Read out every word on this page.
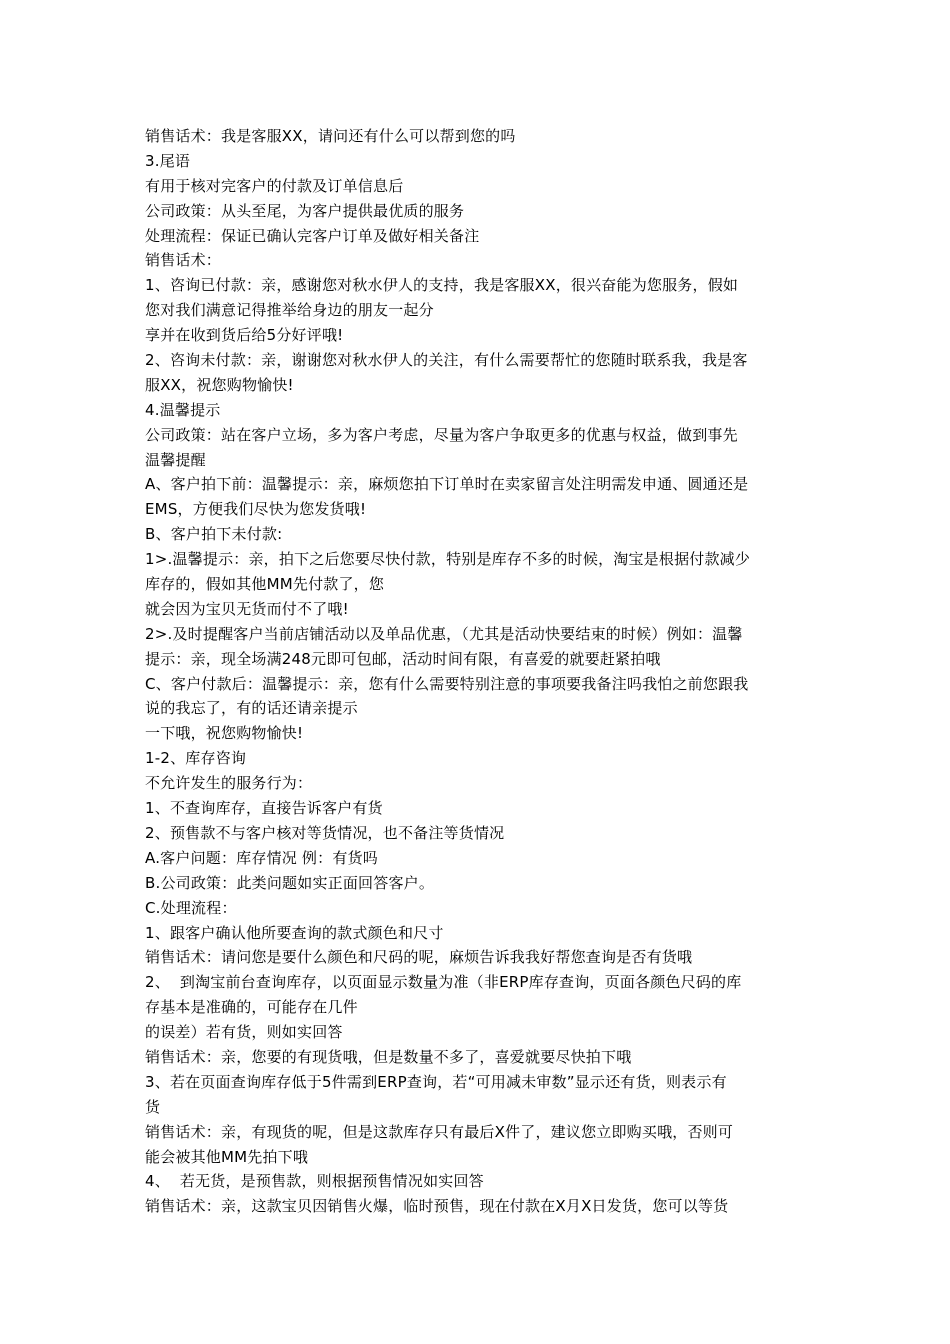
销售话术：我是客服XX，请问还有什么可以帮到您的吗
3.尾语
有用于核对完客户的付款及订单信息后
公司政策：从头至尾，为客户提供最优质的服务
处理流程：保证已确认完客户订单及做好相关备注
销售话术：
1、咨询已付款：亲，感谢您对秋水伊人的支持，我是客服XX，很兴奋能为您服务，假如
您对我们满意记得推举给身边的朋友一起分
享并在收到货后给5分好评哦!
2、咨询未付款：亲，谢谢您对秋水伊人的关注，有什么需要帮忙的您随时联系我，我是客
服XX，祝您购物愉快!
4.温馨提示
公司政策：站在客户立场，多为客户考虑，尽量为客户争取更多的优惠与权益，做到事先
温馨提醒
A、客户拍下前：温馨提示：亲，麻烦您拍下订单时在卖家留言处注明需发申通、圆通还是
EMS，方便我们尽快为您发货哦!
B、客户拍下未付款:
1>.温馨提示：亲，拍下之后您要尽快付款，特别是库存不多的时候，淘宝是根据付款减少
库存的，假如其他MM先付款了，您
就会因为宝贝无货而付不了哦!
2>.及时提醒客户当前店铺活动以及单品优惠，（尤其是活动快要结束的时候）例如：温馨
提示：亲，现全场满248元即可包邮，活动时间有限，有喜爱的就要赶紧拍哦
C、客户付款后：温馨提示：亲，您有什么需要特别注意的事项要我备注吗我怕之前您跟我
说的我忘了，有的话还请亲提示
一下哦，祝您购物愉快!
1-2、库存咨询
不允许发生的服务行为：
1、不查询库存，直接告诉客户有货
2、预售款不与客户核对等货情况，也不备注等货情况
A.客户问题：库存情况 例：有货吗
B.公司政策：此类问题如实正面回答客户。
C.处理流程：
1、跟客户确认他所要查询的款式颜色和尺寸
销售话术：请问您是要什么颜色和尺码的呢，麻烦告诉我我好帮您查询是否有货哦
2、  到淘宝前台查询库存，以页面显示数量为准（非ERP库存查询，页面各颜色尺码的库
存基本是准确的，可能存在几件
的误差）若有货，则如实回答
销售话术：亲，您要的有现货哦，但是数量不多了，喜爱就要尽快拍下哦
3、若在页面查询库存低于5件需到ERP查询，若“可用减未审数”显示还有货，则表示有
货
销售话术：亲，有现货的呢，但是这款库存只有最后X件了，建议您立即购买哦，否则可
能会被其他MM先拍下哦
4、  若无货，是预售款，则根据预售情况如实回答
销售话术：亲，这款宝贝因销售火爆，临时预售，现在付款在X月X日发货，您可以等货
